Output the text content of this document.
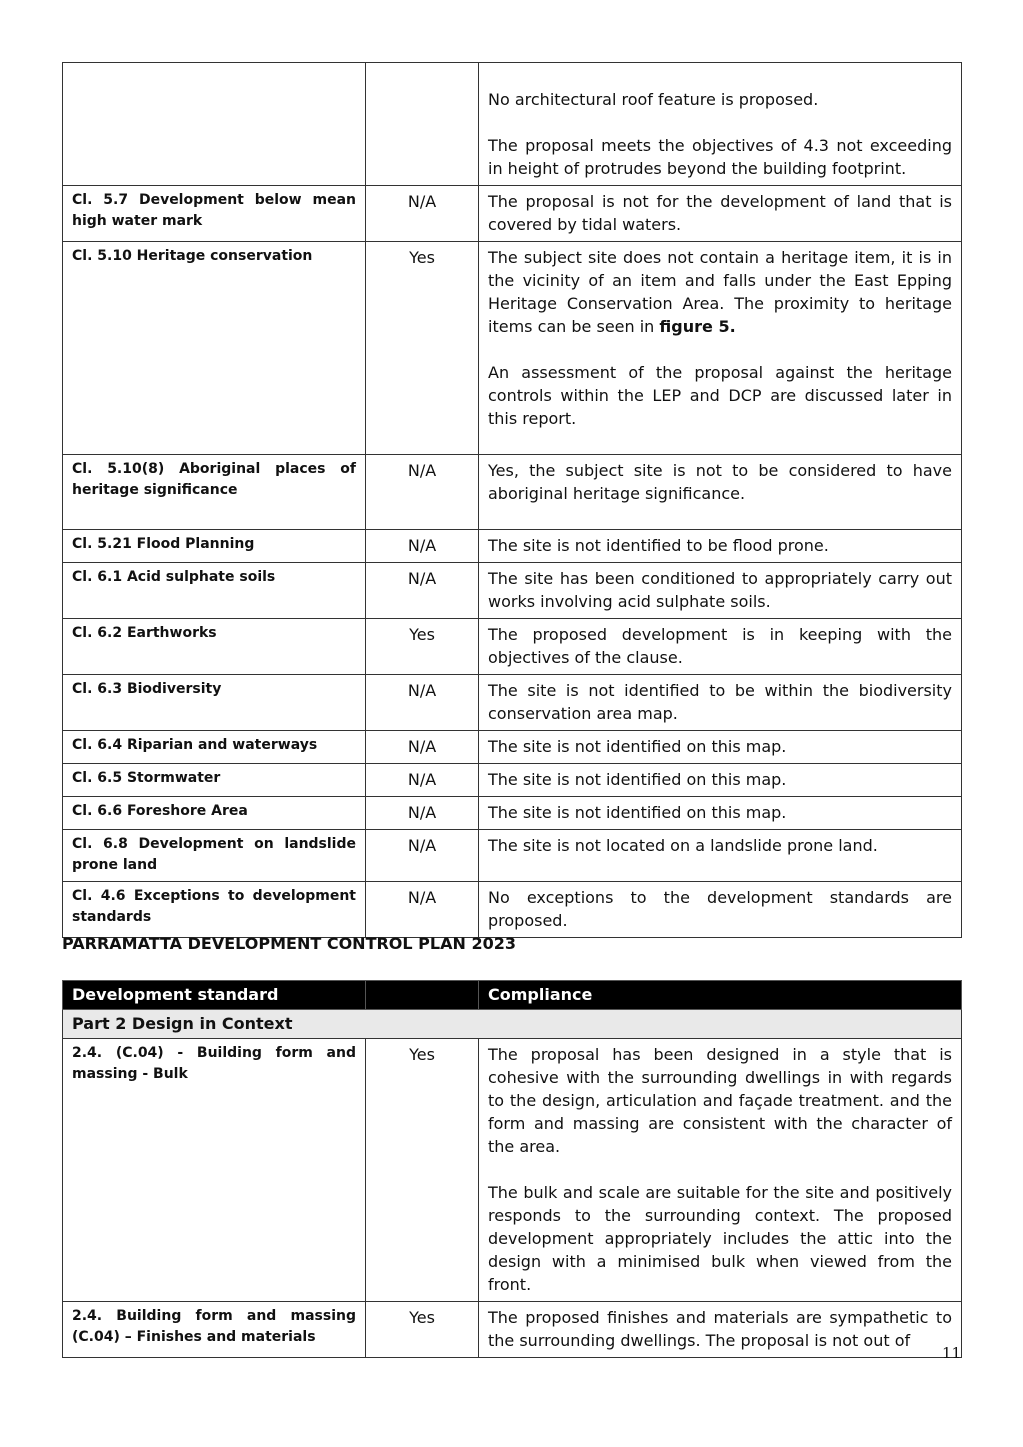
		No architectural roof feature is proposed.

The proposal meets the objectives of 4.3 not exceeding in height of protrudes beyond the building footprint.

Cl. 5.7 Development below mean high water mark	N/A	The proposal is not for the development of land that is covered by tidal waters.

Cl. 5.10 Heritage conservation	Yes	The subject site does not contain a heritage item, it is in the vicinity of an item and falls under the East Epping Heritage Conservation Area. The proximity to heritage items can be seen in figure 5.

An assessment of the proposal against the heritage controls within the LEP and DCP are discussed later in this report.

Cl. 5.10(8) Aboriginal places of heritage significance	N/A	Yes, the subject site is not to be considered to have aboriginal heritage significance.

Cl. 5.21 Flood Planning	N/A	The site is not identified to be flood prone.

Cl. 6.1 Acid sulphate soils	N/A	The site has been conditioned to appropriately carry out works involving acid sulphate soils.

Cl. 6.2 Earthworks	Yes	The proposed development is in keeping with the objectives of the clause.

Cl. 6.3 Biodiversity	N/A	The site is not identified to be within the biodiversity conservation area map.

Cl. 6.4 Riparian and waterways	N/A	The site is not identified on this map.

Cl. 6.5 Stormwater	N/A	The site is not identified on this map.

Cl. 6.6 Foreshore Area	N/A	The site is not identified on this map.

Cl. 6.8 Development on landslide prone land	N/A	The site is not located on a landslide prone land.

Cl. 4.6 Exceptions to development standards	N/A	No exceptions to the development standards are proposed.

PARRAMATTA DEVELOPMENT CONTROL PLAN 2023
Development standard		Compliance
Part 2 Design in Context		
2.4. (C.04) - Building form and massing - Bulk	Yes	The proposal has been designed in a style that is cohesive with the surrounding dwellings in with regards to the design, articulation and façade treatment. and the form and massing are consistent with the character of the area.

The bulk and scale are suitable for the site and positively responds to the surrounding context. The proposed development appropriately includes the attic into the design with a minimised bulk when viewed from the front.

2.4. Building form and massing (C.04) – Finishes and materials	Yes	The proposed finishes and materials are sympathetic to the surrounding dwellings. The proposal is not out of

11
